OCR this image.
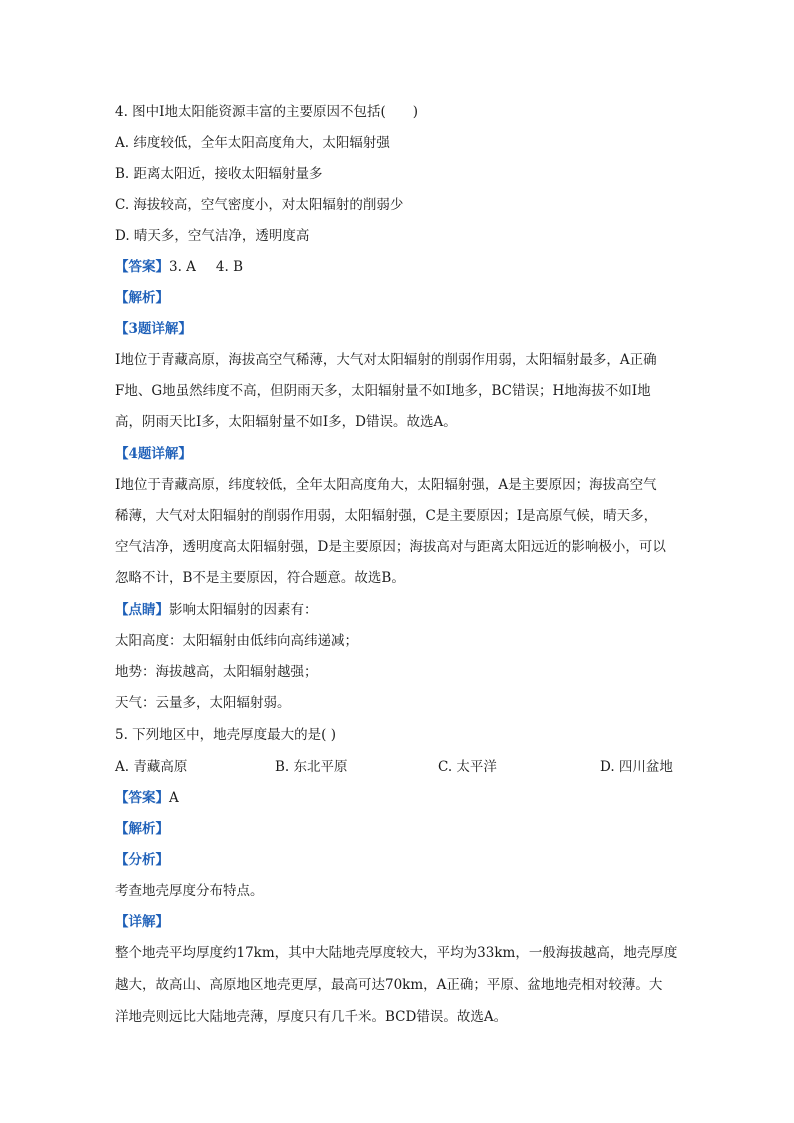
4. 图中Ⅰ地太阳能资源丰富的主要原因不包括(　　)
A. 纬度较低，全年太阳高度角大，太阳辐射强
B. 距离太阳近，接收太阳辐射量多
C. 海拔较高，空气密度小，对太阳辐射的削弱少
D. 晴天多，空气洁净，透明度高
【答案】3. A 4. B
【解析】
【3题详解】
I地位于青藏高原，海拔高空气稀薄，大气对太阳辐射的削弱作用弱，太阳辐射最多，A正确
F地、G地虽然纬度不高，但阴雨天多，太阳辐射量不如I地多，BC错误；H地海拔不如I地
高，阴雨天比I多，太阳辐射量不如I多，D错误。故选A。
【4题详解】
I地位于青藏高原，纬度较低，全年太阳高度角大，太阳辐射强，A是主要原因；海拔高空气
稀薄，大气对太阳辐射的削弱作用弱，太阳辐射强，C是主要原因；I是高原气候，晴天多，
空气洁净，透明度高太阳辐射强，D是主要原因；海拔高对与距离太阳远近的影响极小，可以
忽略不计，B不是主要原因，符合题意。故选B。
【点睛】影响太阳辐射的因素有：
太阳高度：太阳辐射由低纬向高纬递减；
地势：海拔越高，太阳辐射越强；
天气：云量多，太阳辐射弱。
5. 下列地区中，地壳厚度最大的是( )
A. 青藏高原	B. 东北平原	C. 太平洋	D. 四川盆地
【答案】A
【解析】
【分析】
考查地壳厚度分布特点。
【详解】
整个地壳平均厚度约17km，其中大陆地壳厚度较大，平均为33km，一般海拔越高，地壳厚度
越大，故高山、高原地区地壳更厚，最高可达70km，A正确；平原、盆地地壳相对较薄。大
洋地壳则远比大陆地壳薄，厚度只有几千米。BCD错误。故选A。
